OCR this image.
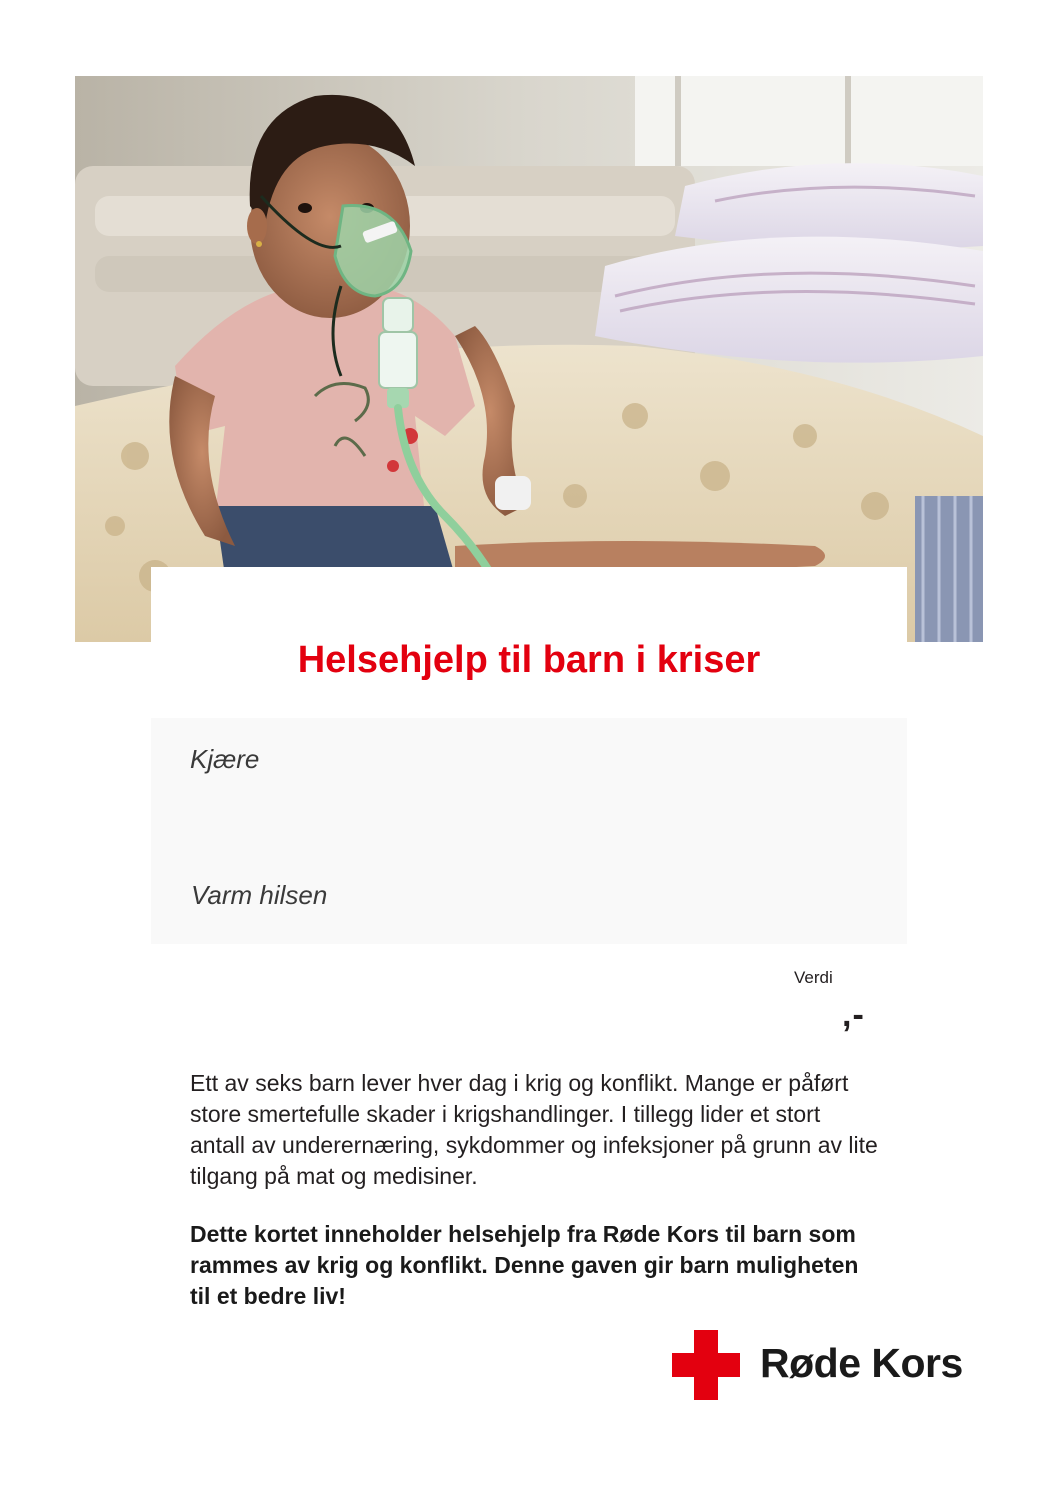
Helsehjelp til barn i kriser
Kjære
Varm hilsen
Verdi
,-

Ett av seks barn lever hver dag i krig og konflikt. Mange er påført store smertefulle skader i krigshandlinger. I tillegg lider et stort antall av underernæring, sykdommer og infeksjoner på grunn av lite tilgang på mat og medisiner.

Dette kortet inneholder helsehjelp fra Røde Kors til barn som rammes av krig og konflikt. Denne gaven gir barn muligheten til et bedre liv!

Røde Kors
